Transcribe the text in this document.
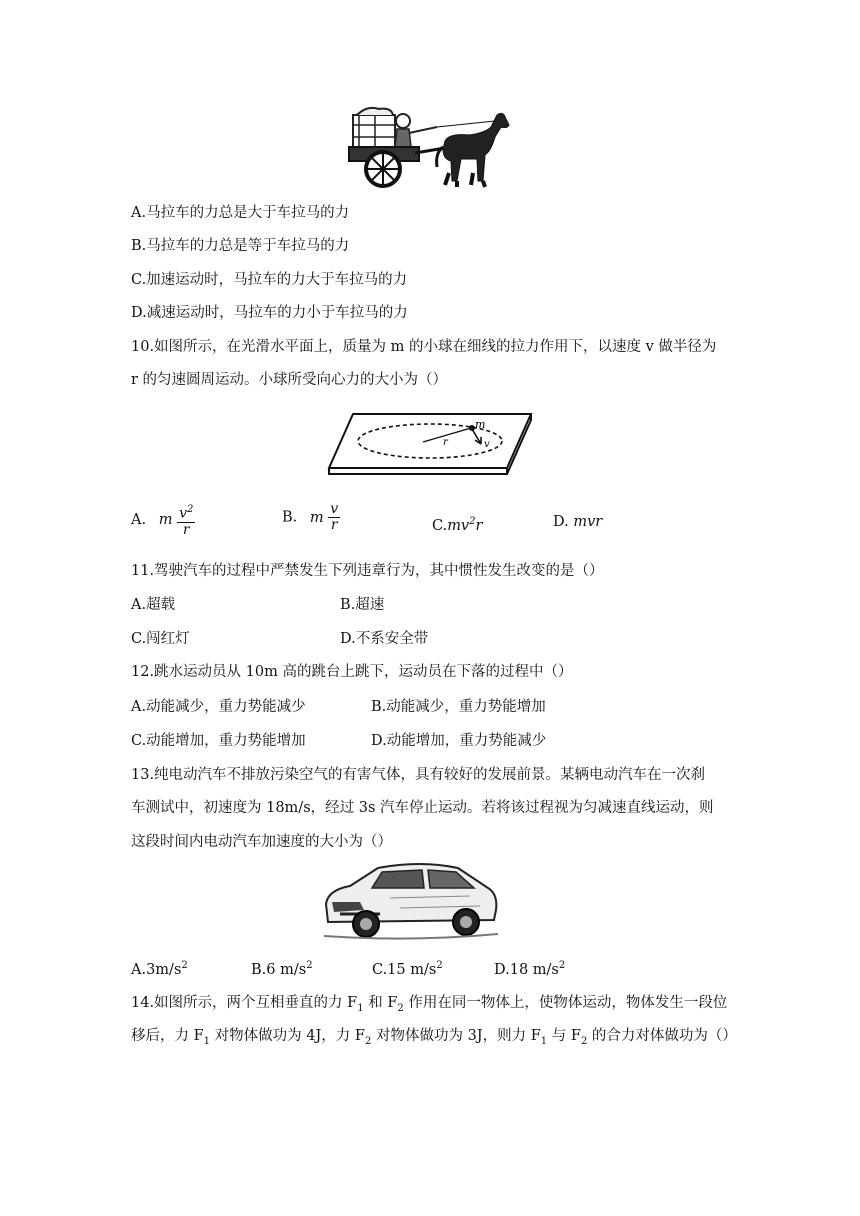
A.马拉车的力总是大于车拉马的力
B.马拉车的力总是等于车拉马的力
C.加速运动时，马拉车的力大于车拉马的力
D.减速运动时，马拉车的力小于车拉马的力
10.如图所示，在光滑水平面上，质量为 m 的小球在细线的拉力作用下，以速度 v 做半径为
r 的匀速圆周运动。小球所受向心力的大小为（）
m
r	v
A. m $\frac{v^2}{r}$	B. m $\frac{v}{r}$	$C.mv^2r$	D. mvr
11.驾驶汽车的过程中严禁发生下列违章行为，其中惯性发生改变的是（）
A.超载	B.超速
C.闯红灯	D.不系安全带
12.跳水运动员从 10m 高的跳台上跳下，运动员在下落的过程中（）
A.动能减少，重力势能减少	B.动能减少，重力势能增加
C.动能增加，重力势能增加	D.动能增加，重力势能减少
13.纯电动汽车不排放污染空气的有害气体，具有较好的发展前景。某辆电动汽车在一次刹
车测试中，初速度为 18m/s，经过 3s 汽车停止运动。若将该过程视为匀减速直线运动，则
这段时间内电动汽车加速度的大小为（）
$A.3m/s^2$	B.6 $m/s^2$	C.15 $m/s^2$	D.18 $m/s^2$
14.如图所示，两个互相垂直的力 $F_1$ 和 $F_2$ 作用在同一物体上，使物体运动，物体发生一段位
移后，力 $F_1$ 对物体做功为 4J，力 $F_2$ 对物体做功为 3J，则力 $F_1$ 与 $F_2$ 的合力对体做功为（）
